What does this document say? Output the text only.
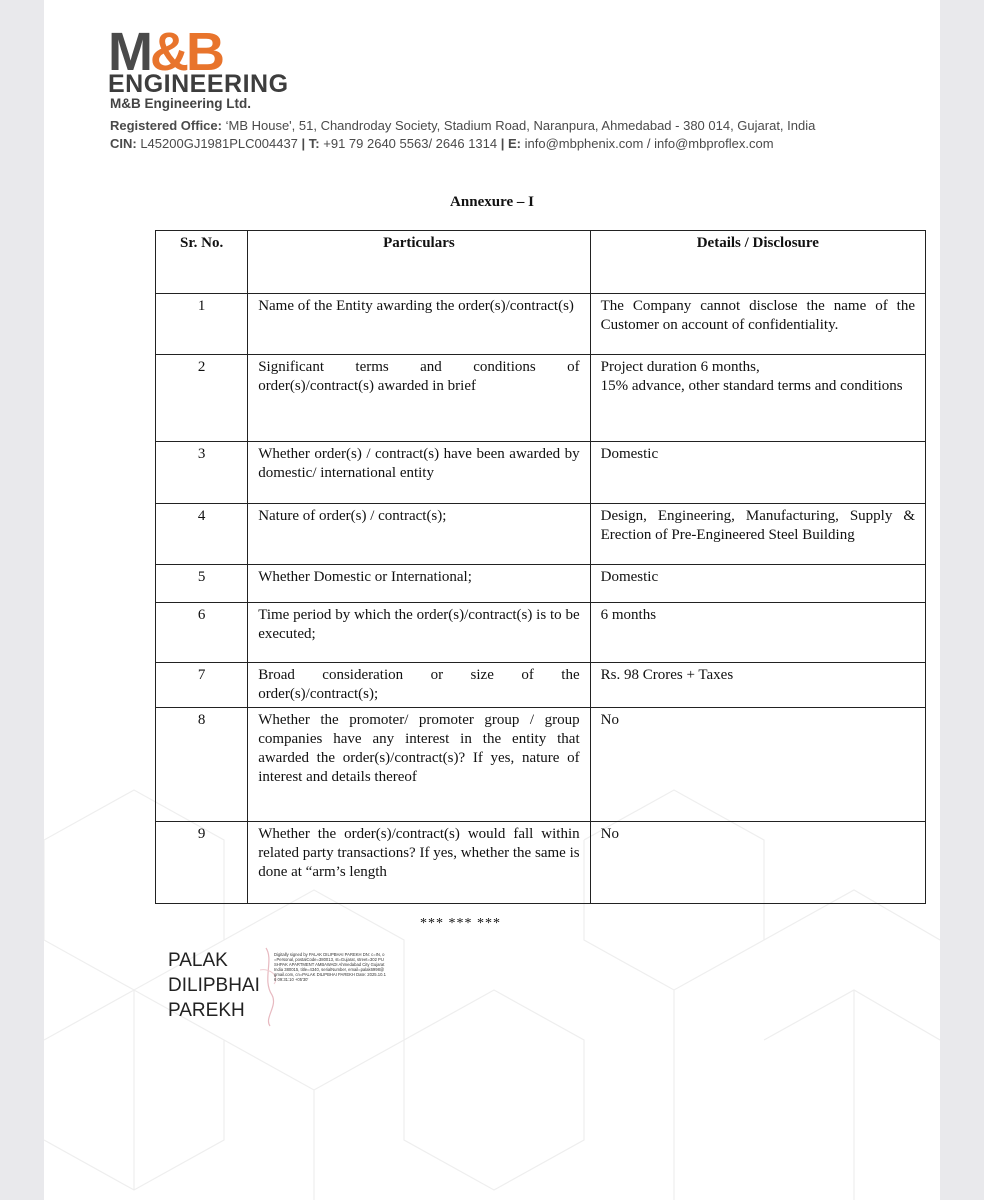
M &B
ENGINEERING
M&B Engineering Ltd.
Registered Office: ‘MB House', 51, Chandroday Society, Stadium Road, Naranpura, Ahmedabad - 380 014, Gujarat, India
CIN: L45200GJ1981PLC004437 | T: +91 79 2640 5563/ 2646 1314 | E: info@mbphenix.com / info@mbproflex.com
Annexure – I
Sr. No.	Particulars	Details / Disclosure
1	Name of the Entity awarding the order(s)/contract(s)	The Company cannot disclose the name of the Customer on account of confidentiality.
2	Significant terms and conditions of order(s)/contract(s) awarded in brief	Project duration 6 months,
15% advance, other standard terms and conditions

3	Whether order(s) / contract(s) have been awarded by domestic/ international entity	Domestic
4	Nature of order(s) / contract(s);	Design, Engineering, Manufacturing, Supply & Erection of Pre-Engineered Steel Building
5	Whether Domestic or International;	Domestic
6	Time period by which the order(s)/contract(s) is to be executed;	6 months
7	Broad consideration or size of the order(s)/contract(s);	Rs. 98 Crores + Taxes
8	Whether the promoter/ promoter group / group companies have any interest in the entity that awarded the order(s)/contract(s)? If yes, nature of interest and details thereof	No
9	Whether the order(s)/contract(s) would fall within related party transactions? If yes, whether the same is done at “arm’s length	No
*** *** ***
PALAK
DILIPBHAI
PAREKH
Digitally signed by PALAK DILIPBHAI PAREKH DN: c=IN, o=Personal, postalCode=380013, st=Gujarat, street=302 PUSHPAK APARTMENT AMBAWADI Ahmedabad City Gujarat India 380015, title=4340, serialNumber, email=palak6998@gmail.com, cn=PALAK DILIPBHAI PAREKH Date: 2025.10.16 09:31:10 +05'30'
